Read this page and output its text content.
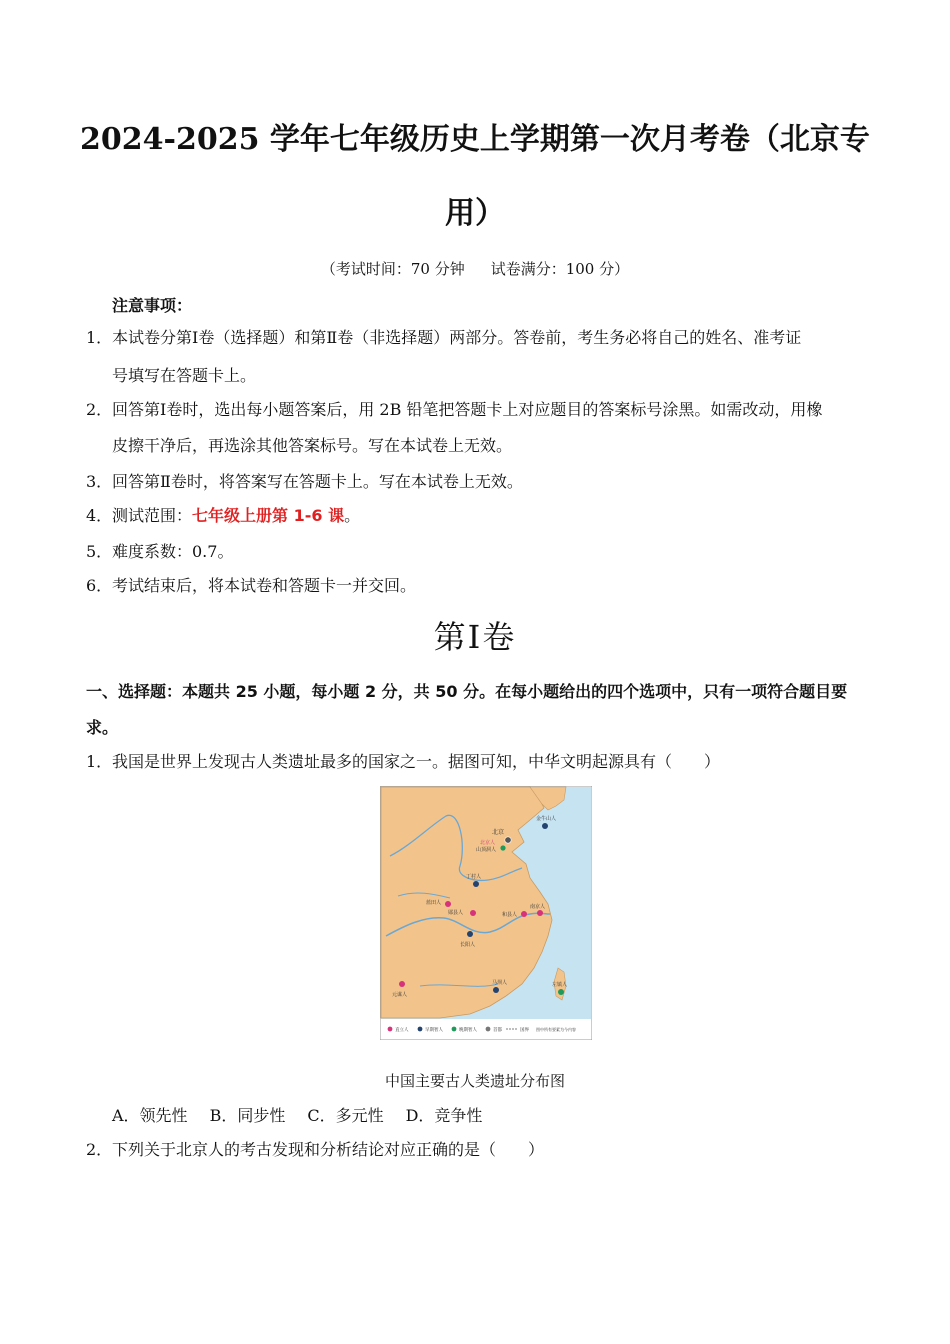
2024-2025 学年七年级历史上学期第一次月考卷（北京专
用）
（考试时间：70 分钟 试卷满分：100 分）
注意事项：
1．本试卷分第Ⅰ卷（选择题）和第Ⅱ卷（非选择题）两部分。答卷前，考生务必将自己的姓名、准考证
号填写在答题卡上。
2．回答第Ⅰ卷时，选出每小题答案后，用 2B 铅笔把答题卡上对应题目的答案标号涂黑。如需改动，用橡
皮擦干净后，再选涂其他答案标号。写在本试卷上无效。
3．回答第Ⅱ卷时，将答案写在答题卡上。写在本试卷上无效。
4．测试范围：七年级上册第 1-6 课。
5．难度系数：0.7。
6．考试结束后，将本试卷和答题卡一并交回。
第Ⅰ卷
一、选择题：本题共 25 小题，每小题 2 分，共 50 分。在每小题给出的四个选项中，只有一项符合题目要
求。
1．我国是世界上发现古人类遗址最多的国家之一。据图可知，中华文明起源具有（　　）
北京
金牛山人
北京人
山顶洞人
丁村人
蓝田人
郧县人	和县人
南京人
长阳人
马坝人	左镇人
元谋人
直立人	早期智人	晚期智人	首都	国界 图中所有要素为今内容
中国主要古人类遗址分布图
A．领先性 B．同步性 C．多元性 D．竞争性
2．下列关于北京人的考古发现和分析结论对应正确的是（　　）
